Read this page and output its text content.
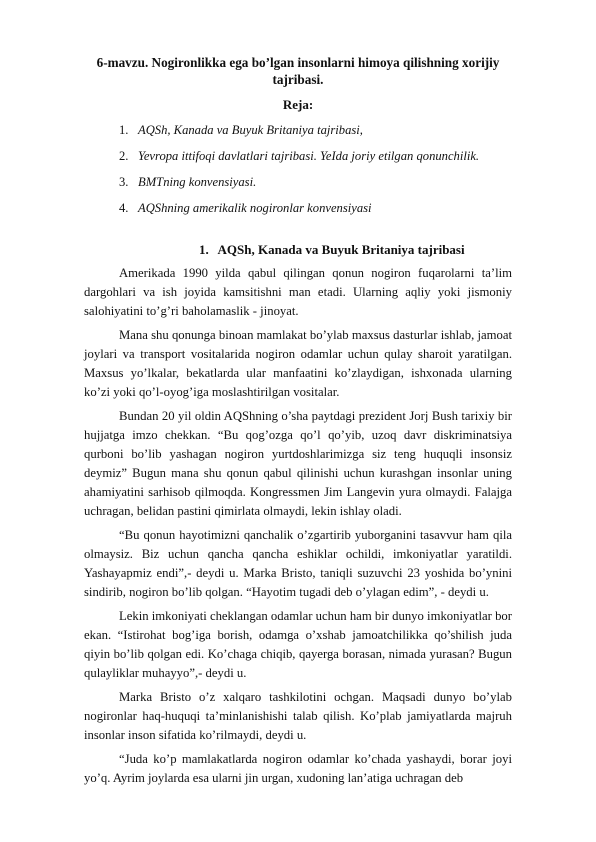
6-mavzu. Nogironlikka ega bo’lgan insonlarni himoya qilishning xorijiy tajribasi.
Reja:
1. AQSh, Kanada va Buyuk Britaniya tajribasi,
2. Yevropa ittifoqi davlatlari tajribasi. YeIda joriy etilgan qonunchilik.
3. BMTning konvensiyasi.
4. AQShning amerikalik nogironlar konvensiyasi
1. AQSh, Kanada va Buyuk Britaniya tajribasi

Amerikada 1990 yilda qabul qilingan qonun nogiron fuqarolarni ta’lim dargohlari va ish joyida kamsitishni man etadi. Ularning aqliy yoki jismoniy salohiyatini to’g’ri baholamaslik - jinoyat.

Mana shu qonunga binoan mamlakat bo’ylab maxsus dasturlar ishlab, jamoat joylari va transport vositalarida nogiron odamlar uchun qulay sharoit yaratilgan. Maxsus yo’lkalar, bekatlarda ular manfaatini ko’zlaydigan, ishxonada ularning ko’zi yoki qo’l-oyog’iga moslashtirilgan vositalar.

Bundan 20 yil oldin AQShning o’sha paytdagi prezident Jorj Bush tarixiy bir hujjatga imzo chekkan. “Bu qog’ozga qo’l qo’yib, uzoq davr diskriminatsiya qurboni bo’lib yashagan nogiron yurtdoshlarimizga siz teng huquqli insonsiz deymiz” Bugun mana shu qonun qabul qilinishi uchun kurashgan insonlar uning ahamiyatini sarhisob qilmoqda. Kongressmen Jim Langevin yura olmaydi. Falajga uchragan, belidan pastini qimirlata olmaydi, lekin ishlay oladi.

“Bu qonun hayotimizni qanchalik o’zgartirib yuborganini tasavvur ham qila olmaysiz. Biz uchun qancha qancha eshiklar ochildi, imkoniyatlar yaratildi. Yashayapmiz endi”,- deydi u. Marka Bristo, taniqli suzuvchi 23 yoshida bo’ynini sindirib, nogiron bo’lib qolgan. “Hayotim tugadi deb o’ylagan edim”, - deydi u.

Lekin imkoniyati cheklangan odamlar uchun ham bir dunyo imkoniyatlar bor ekan. “Istirohat bog’iga borish, odamga o’xshab jamoatchilikka qo’shilish juda qiyin bo’lib qolgan edi. Ko’chaga chiqib, qayerga borasan, nimada yurasan? Bugun qulayliklar muhayyo”,- deydi u.

Marka Bristo o’z xalqaro tashkilotini ochgan. Maqsadi dunyo bo’ylab nogironlar haq-huquqi ta’minlanishishi talab qilish. Ko’plab jamiyatlarda majruh insonlar inson sifatida ko’rilmaydi, deydi u.

“Juda ko’p mamlakatlarda nogiron odamlar ko’chada yashaydi, borar joyi yo’q. Ayrim joylarda esa ularni jin urgan, xudoning lan’atiga uchragan deb
